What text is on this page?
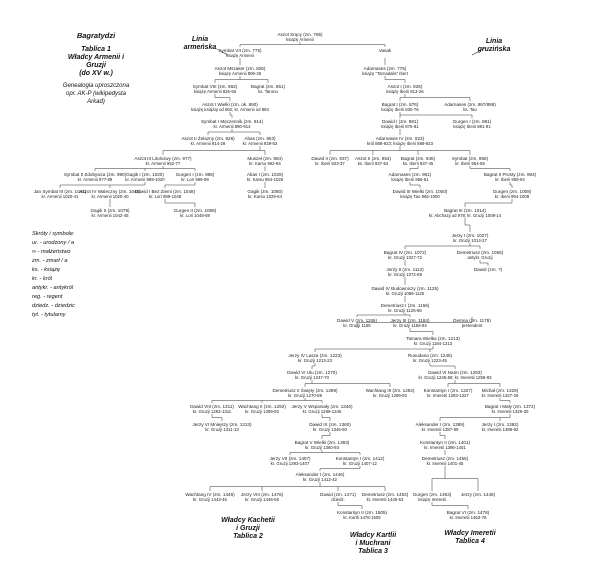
Bagratydzi
Tablica 1
Władcy Armenii i Gruzji
(do XV w.)
Genealogia uproszczona
opr. AK-P (wikipedysta Arkad)
Linia
armeńska
Linia
gruzińska
Skróty i symbole:
ur. - urodzony / a
∞ - małżeństwo
zm. - zmarł / a
ks. - książę
kr. - król
antykr. - antykról
reg. - regent
dziedz. - dziedzic
tyt. - tytularny
Władcy Kachetii
i Gruzji
Tablica 2	Władcy Kartlii
i Muchrani
Tablica 3
Władcy Imeretii
Tablica 4
Aszot Srący (zm. 785)
książę Armenii
Symbat VII (zm. 775)
książę Armenii
Vasak
Aszot Mszaker (zm. 826)
książę Armenii 806-26
Adarnases (zm. 775)
książę "Tarnadalis" Ibert
Symbat VIII (zm. 862)
książę Armenii 826-55
Bagrat (zm. 851)
ks. Taronu
Aszot I (zm. 826)
książę Iberii 813-26
Aszot I Wielki (zm. ok. 890)
książę książąt od 862; kr. Armenii od 884
Bagrat I (zm. 876)
książę Iberii 830-76
Adarnases (zm. 867/888)
ks. Tao
Symbat I Męczennik (zm. 914)
kr. Armenii 890-914
Dawid I (zm. 881)
książę Iberii 876-81
Gurgen I (zm. 891)
książę Iberii 881-91
Aszot II Żelazny (zm. 928)
kr. Armenii 914-28
Abas (zm. 953)
kr. Armenii 929-53
Adarnases IV (zm. 923)
król 888-923; książę Iberii 889-923
Aszot III Litościwy (zm. 977)
kr. Armenii 952-77
Muszeł (zm. 984)
kr. Karsu 962-84
Dawid II (zm. 937)
kr. Iberii 923-37
Aszot II (zm. 954)
ks. Iberii 937-54
Bagrat (zm. 945)
ks. Iberii 937-45
Symbat (zm. 958)
kr. Iberii 954-58
Symbat II Zdobywca (zm. 990)
kr. Armenii 977-89
Gagik I (zm. 1020)
kr. Armenii 989-1020
Gurgen I (zm. 989)
kr. Lori 989-89
Abas I (zm. 1029)
kr. Karsu 984-1029
Adarnases (zm. 961)
książę Iberii 958-61
Bagrat II Prosty (zm. 994)
kr. Iberii 958-94
Jan Symbat III (zm. 1041)
kr. Armenii 1020-41
Aszot IV Waleczny (zm. 1040)
kr. Armenii 1020-40
Dawid I Bez Ziemi (zm. 1048)
kr. Lori 989-1048
Gagik (zm. 1080)
kr. Karsu 1029-64
Dawid III Wielki (zm. 1000)
książę Tao 966-1000
Gurgen (zm. 1008)
kr. Iberii 994-1008
Gagik II (zm. 1079)
kr. Armenii 1042-45
Gurgen II (zm. 1089)
kr. Lori 1048-89
Bagrat III (zm. 1014)
kr. Abchazji od 978; kr. Gruzji 1008-14
Jerzy I (zm. 1027)
kr. Gruzji 1014-27
Bagrat IV (zm. 1072)
kr. Gruzji 1027-72
Demetriusz (zm. 1055)
antykr. Gruzji
Jerzy II (zm. 1112)
kr. Gruzji 1072-89
Dawid IV Budowniczy (zm. 1125)
kr. Gruzji 1089-1125
Dawid (zm. ?)
Demetriusz I (zm. 1156)
kr. Gruzji 1125-56
Dawid V (zm. 1155)
kr. Gruzji 1155
Jerzy III (zm. 1184)
kr. Gruzji 1156-84
Demna (zm. 1178)
pretendent
Tamara Wielka (zm. 1213)
kr. Gruzji 1184-1213
Jerzy IV Lasza (zm. 1223)
kr. Gruzji 1213-23
Rusudana (zm. 1245)
kr. Gruzji 1223-45
Dawid VI Ulu (zm. 1270)
kr. Gruzji 1247-70
Dawid VI Narin (zm. 1293)
kr. Gruzji 1245-59; kr. Imeretii 1259-93
Demetriusz II Święty (zm. 1289)
kr. Gruzji 1270-89
Wachtang III (zm. 1292)
kr. Gruzji 1289-92
Konstantyn I (zm. 1327)
kr. Imeretii 1293-1327
Michał (zm. 1329)
kr. Imeretii 1327-29
Dawid VIII (zm. 1311)
kr. Gruzji 1293-1311
Wachtang II (zm. 1292)
kr. Gruzji 1289-92
Jerzy V Wspaniały (zm. 1346)
kr. Gruzji 1299-1346
Bagrat I Mały (zm. 1372)
kr. Imeretii 1329-30
Jerzy VI Mniejszy (zm. 1313)
kr. Gruzji 1311-13
Dawid IX (zm. 1360)
kr. Gruzji 1346-60
Aleksander I (zm. 1389)
kr. Imeretii 1387-89
Jerzy I (zm. 1392)
kr. Imeretii 1389-92
Bagrat V Wielki (zm. 1393)
kr. Gruzji 1360-93
Konstantyn II (zm. 1401)
kr. Imeretii 1396-1401
Jerzy VII (zm. 1407)
kr. Gruzji 1393-1407
Konstantyn I (zm. 1412)
kr. Gruzji 1407-12
Demetriusz (zm. 1455)
kr. Imeretii 1401-45
Aleksander I (zm. 1446)
kr. Gruzji 1412-42
Wachtang IV (zm. 1446)
kr. Gruzji 1443-46
Jerzy VIII (zm. 1476)
kr. Gruzji 1446-65
Dawid (zm. 1471)
dziedz.
Demetriusz (zm. 1453)
kr. Imeretii 1446-53
Jerzy (zm. 1446)
Gurgen (zm. 1463)
książę Imeretii
Konstantyn II (zm. 1505)
kr. Kartli 1478-1505
Bagrat VI (zm. 1478)
kr. Imeretii 1463-78
